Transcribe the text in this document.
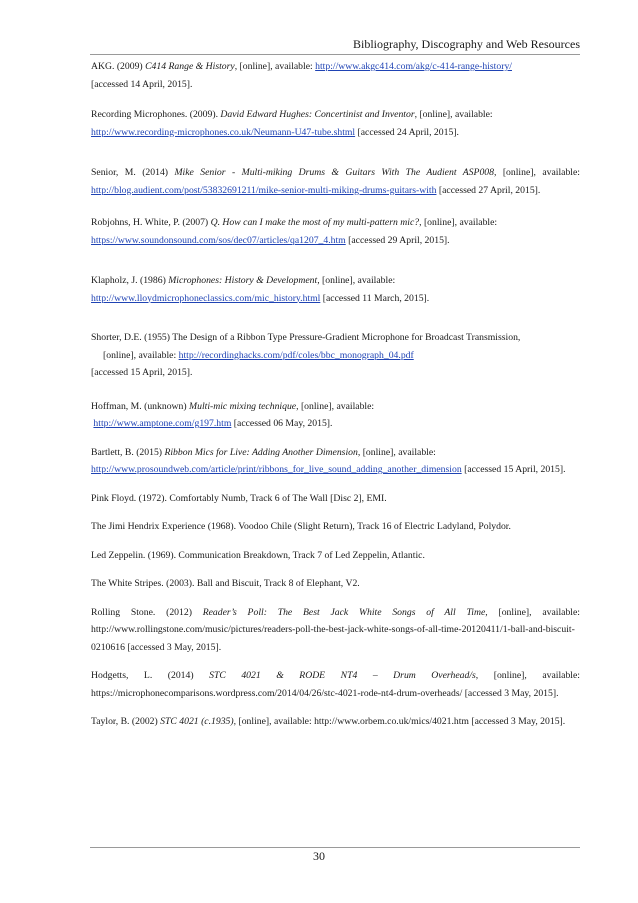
Bibliography, Discography and Web Resources
AKG. (2009) C414 Range & History, [online], available: http://www.akgc414.com/akg/c-414-range-history/
[accessed 14 April, 2015].
Recording Microphones. (2009). David Edward Hughes: Concertinist and Inventor, [online], available:
http://www.recording-microphones.co.uk/Neumann-U47-tube.shtml [accessed 24 April, 2015].
Senior, M. (2014) Mike Senior - Multi-miking Drums & Guitars With The Audient ASP008, [online], available: http://blog.audient.com/post/53832691211/mike-senior-multi-miking-drums-guitars-with [accessed 27 April, 2015].
Robjohns, H. White, P. (2007) Q. How can I make the most of my multi-pattern mic?, [online], available:
https://www.soundonsound.com/sos/dec07/articles/qa1207_4.htm [accessed 29 April, 2015].
Klapholz, J. (1986) Microphones: History & Development, [online], available:
http://www.lloydmicrophoneclassics.com/mic_history.html [accessed 11 March, 2015].
Shorter, D.E. (1955) The Design of a Ribbon Type Pressure-Gradient Microphone for Broadcast Transmission,
[online], available: http://recordinghacks.com/pdf/coles/bbc_monograph_04.pdf
[accessed 15 April, 2015].
Hoffman, M. (unknown) Multi-mic mixing technique, [online], available:
http://www.amptone.com/g197.htm [accessed 06 May, 2015].
Bartlett, B. (2015) Ribbon Mics for Live: Adding Another Dimension, [online], available:
http://www.prosoundweb.com/article/print/ribbons_for_live_sound_adding_another_dimension [accessed 15 April, 2015].
Pink Floyd. (1972). Comfortably Numb, Track 6 of The Wall [Disc 2], EMI.
The Jimi Hendrix Experience (1968). Voodoo Chile (Slight Return), Track 16 of Electric Ladyland, Polydor.
Led Zeppelin. (1969). Communication Breakdown, Track 7 of Led Zeppelin, Atlantic.
The White Stripes. (2003). Ball and Biscuit, Track 8 of Elephant, V2.
Rolling Stone. (2012) Reader’s Poll: The Best Jack White Songs of All Time, [online], available: http://www.rollingstone.com/music/pictures/readers-poll-the-best-jack-white-songs-of-all-time-20120411/1-ball-and-biscuit-0210616 [accessed 3 May, 2015].
Hodgetts, L. (2014) STC 4021 & RODE NT4 – Drum Overhead/s, [online], available: https://microphonecomparisons.wordpress.com/2014/04/26/stc-4021-rode-nt4-drum-overheads/ [accessed 3 May, 2015].
Taylor, B. (2002) STC 4021 (c.1935), [online], available: http://www.orbem.co.uk/mics/4021.htm [accessed 3 May, 2015].
30
